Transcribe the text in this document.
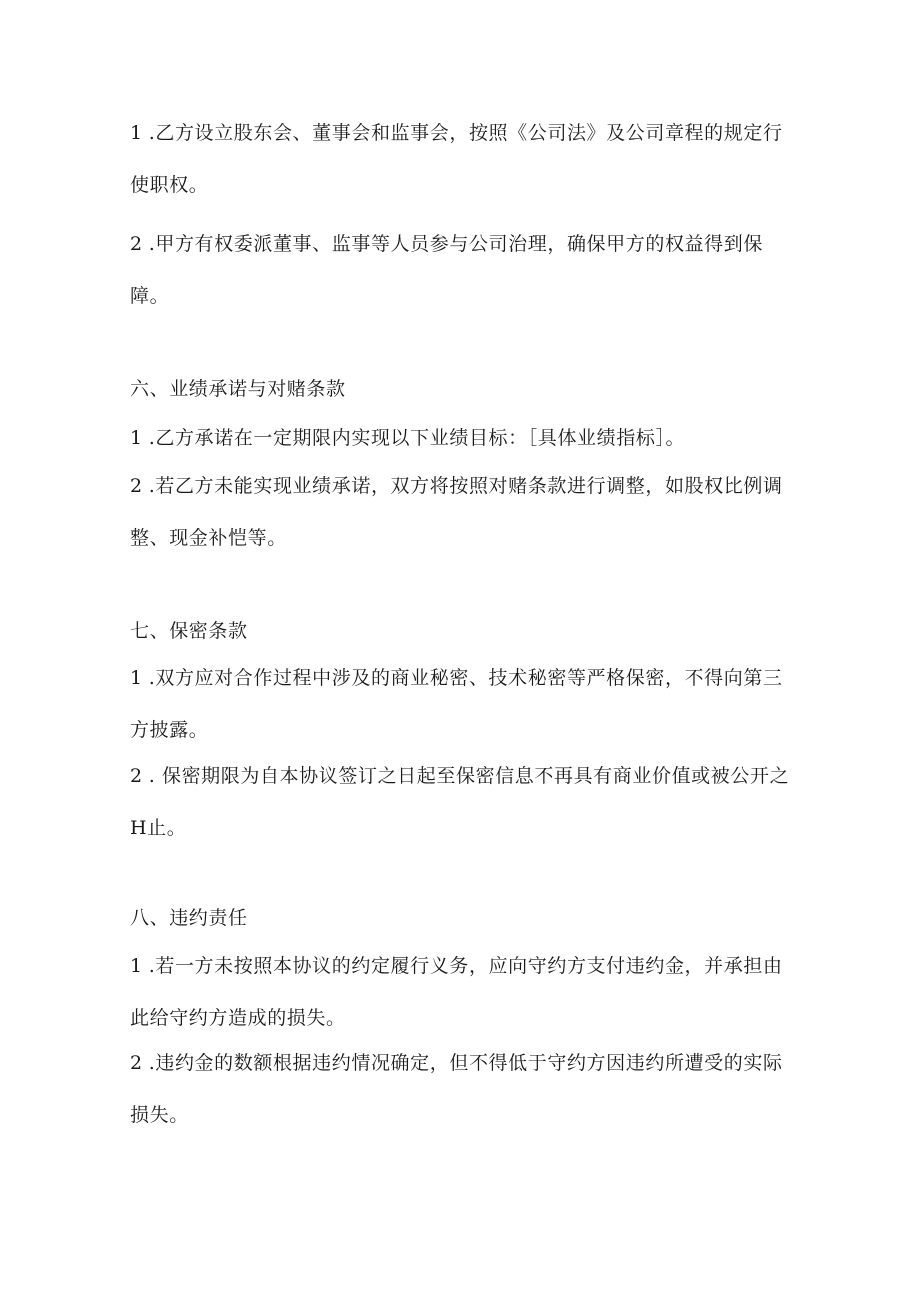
1 .乙方设立股东会、董事会和监事会，按照《公司法》及公司章程的规定行使职权。

2 .甲方有权委派董事、监事等人员参与公司治理，确保甲方的权益得到保障。

六、业绩承诺与对赌条款

1 .乙方承诺在一定期限内实现以下业绩目标：［具体业绩指标］。

2 .若乙方未能实现业绩承诺，双方将按照对赌条款进行调整，如股权比例调整、现金补恺等。

七、保密条款

1 .双方应对合作过程中涉及的商业秘密、技术秘密等严格保密，不得向第三方披露。

2 . 保密期限为自本协议签订之日起至保密信息不再具有商业价值或被公开之H止。

八、违约责任

1 .若一方未按照本协议的约定履行义务，应向守约方支付违约金，并承担由此给守约方造成的损失。

2 .违约金的数额根据违约情况确定，但不得低于守约方因违约所遭受的实际损失。
